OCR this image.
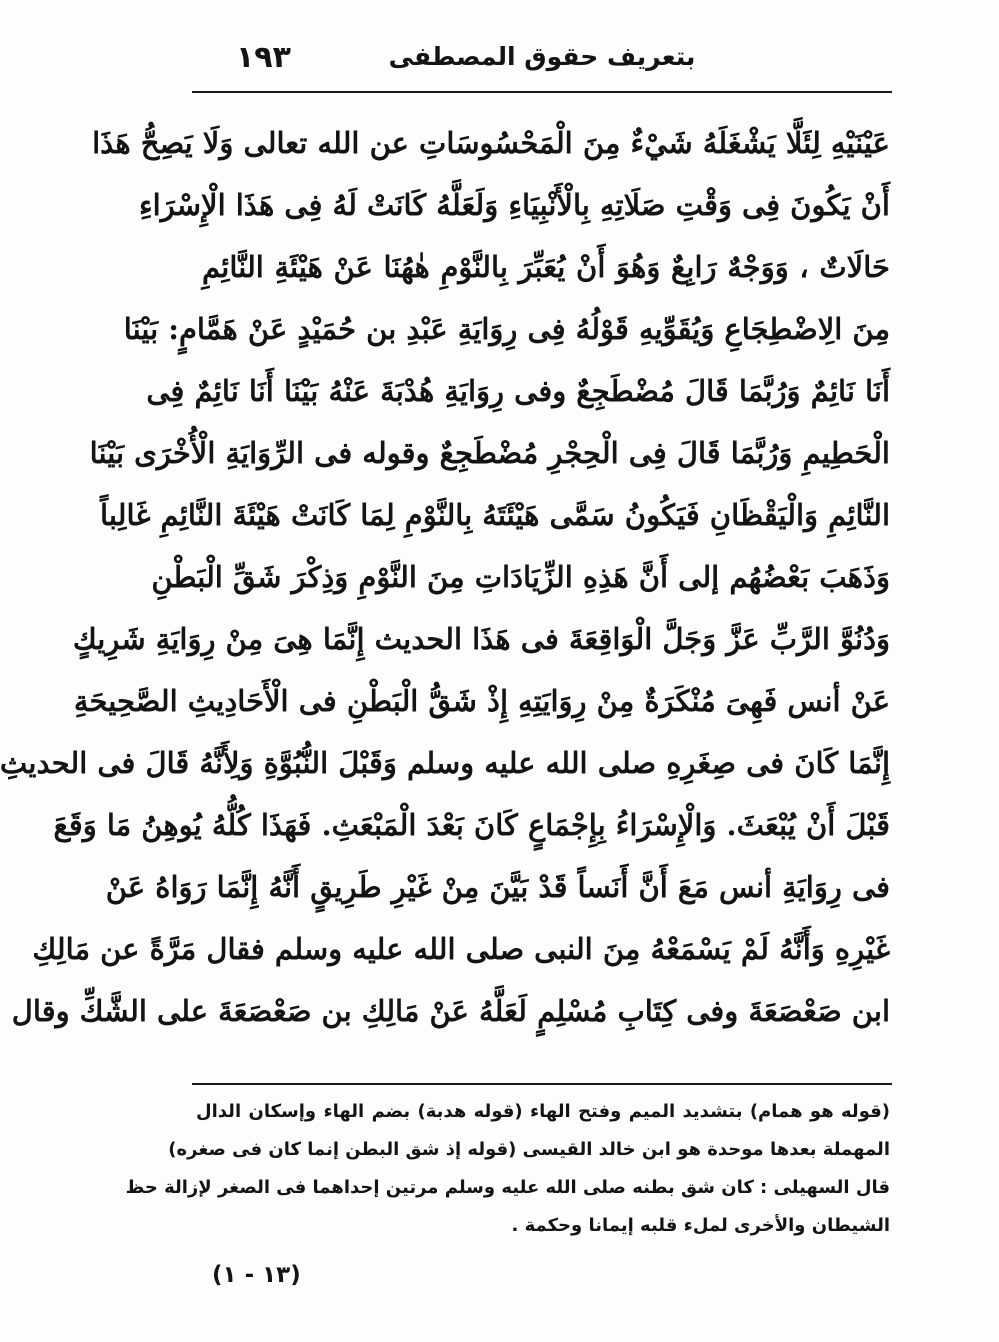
١٩٣	بتعريف حقوق المصطفى
عَيْنَيْهِ لِئَلَّا يَشْغَلَهُ شَيْءٌ مِنَ الْمَحْسُوسَاتِ عن الله تعالى وَلَا يَصِحُّ هَذَا
أَنْ يَكُونَ فِى وَقْتِ صَلَاتِهِ بِالْأَنْبِيَاءِ وَلَعَلَّهُ كَانَتْ لَهُ فِى هَذَا الْإِسْرَاءِ
حَالَاتٌ ، وَوَجْهٌ رَابِعٌ وَهُوَ أَنْ يُعَبِّرَ بِالنَّوْمِ هٰهُنَا عَنْ هَيْئَةِ النَّائِمِ
مِنَ الِاضْطِجَاعِ وَيُقَوِّيهِ قَوْلُهُ فِى رِوَايَةِ عَبْدِ بن حُمَيْدٍ عَنْ هَمَّامٍ: بَيْنَا
أَنَا نَائِمٌ وَرُبَّمَا قَالَ مُضْطَجِعٌ وفى رِوَايَةِ هُدْبَةَ عَنْهُ بَيْنَا أَنَا نَائِمٌ فِى
الْحَطِيمِ وَرُبَّمَا قَالَ فِى الْحِجْرِ مُضْطَجِعٌ وقوله فى الرِّوَايَةِ الْأُخْرَى بَيْنَا
النَّائِمِ وَالْيَقْظَانِ فَيَكُونُ سَمَّى هَيْئَتَهُ بِالنَّوْمِ لِمَا كَانَتْ هَيْئَةَ النَّائِمِ غَالِباً
وَذَهَبَ بَعْضُهُم إلى أَنَّ هَذِهِ الزِّيَادَاتِ مِنَ النَّوْمِ وَذِكْرَ شَقِّ الْبَطْنِ
وَدُنُوَّ الرَّبِّ عَزَّ وَجَلَّ الْوَاقِعَةَ فى هَذَا الحديث إِنَّمَا هِىَ مِنْ رِوَايَةِ شَرِيكٍ
عَنْ أنس فَهِىَ مُنْكَرَةٌ مِنْ رِوَايَتِهِ إِذْ شَقُّ الْبَطْنِ فى الْأَحَادِيثِ الصَّحِيحَةِ
إِنَّمَا كَانَ فى صِغَرِهِ صلى الله عليه وسلم وَقَبْلَ النُّبُوَّةِ وَلِأَنَّهُ قَالَ فى الحديثِ
قَبْلَ أَنْ يُبْعَثَ. وَالْإِسْرَاءُ بِإِجْمَاعٍ كَانَ بَعْدَ الْمَبْعَثِ. فَهَذَا كُلُّهُ يُوهِنُ مَا وَقَعَ
فى رِوَايَةِ أنس مَعَ أَنَّ أَنَساً قَدْ بَيَّنَ مِنْ غَيْرِ طَرِيقٍ أَنَّهُ إِنَّمَا رَوَاهُ عَنْ
غَيْرِهِ وَأَنَّهُ لَمْ يَسْمَعْهُ مِنَ النبى صلى الله عليه وسلم فقال مَرَّةً عن مَالِكِ
ابن صَعْصَعَةَ وفى كِتَابِ مُسْلِمٍ لَعَلَّهُ عَنْ مَالِكِ بن صَعْصَعَةَ على الشَّكِّ وقال
(قوله هو همام) بتشديد الميم وفتح الهاء (قوله هدبة) بضم الهاء وإسكان الدال
المهملة بعدها موحدة هو ابن خالد القيسى (قوله إذ شق البطن إنما كان فى صغره)
قال السهيلى : كان شق بطنه صلى الله عليه وسلم مرتين إحداهما فى الصغر لإزالة حظ
الشيطان والأخرى لملء قلبه إيمانا وحكمة .
(١٣ - ١)
